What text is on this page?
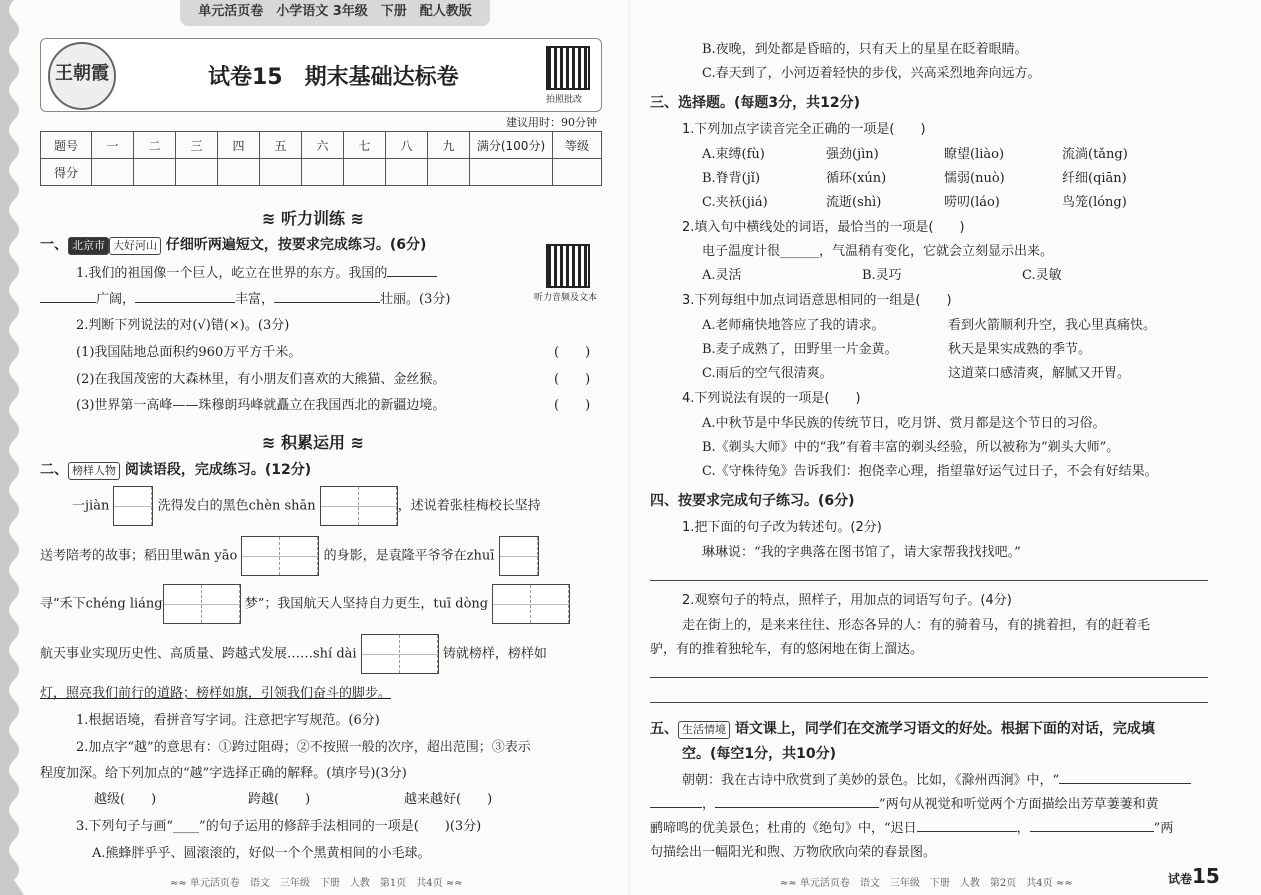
单元活页卷　小学语文 3年级　下册　配人教版
王朝霞	试卷15　期末基础达标卷
拍照批改
建议用时：90分钟
题号	一	二	三	四	五	六	七	八	九	满分(100分)	等级
得分											
≋ 听力训练 ≋
一、 北京市 大好河山 仔细听两遍短文，按要求完成练习。(6分)
听力音频及文本
1.我们的祖国像一个巨人，屹立在世界的东方。我国的
广阔，	丰富，	壮丽。(3分)
2.判断下列说法的对(√)错(×)。(3分)
(1)我国陆地总面积约960万平方千米。	(　　)
(2)在我国茂密的大森林里，有小朋友们喜欢的大熊猫、金丝猴。	(　　)
(3)世界第一高峰——珠穆朗玛峰就矗立在我国西北的新疆边境。	(　　)
≋ 积累运用 ≋
二、 榜样人物 阅读语段，完成练习。(12分)
一jiàn	洗得发白的黑色chèn shān	，述说着张桂梅校长坚持
送考陪考的故事；稻田里wān yāo	的身影，是袁隆平爷爷在zhuī
寻“禾下chéng liáng	梦”；我国航天人坚持自力更生，tuī dòng
航天事业实现历史性、高质量、跨越式发展……shí dài	铸就榜样，榜样如
灯，照亮我们前行的道路；榜样如旗，引领我们奋斗的脚步。
1.根据语境，看拼音写字词。注意把字写规范。(6分)
2.加点字“越”的意思有：①跨过阻碍；②不按照一般的次序，超出范围；③表示
程度加深。给下列加点的“越”字选择正确的解释。(填序号)(3分)
越级(　　)	跨越(　　)	越来越好(　　)
3.下列句子与画“____”的句子运用的修辞手法相同的一项是(　　)(3分)
A.熊蜂胖乎乎、圆滚滚的，好似一个个黑黄相间的小毛球。
≈≈ 单元活页卷　语文　三年级　下册　人教　第1页　共4页 ≈≈
B.夜晚，到处都是昏暗的，只有天上的星星在眨着眼睛。
C.春天到了，小河迈着轻快的步伐，兴高采烈地奔向远方。
三、选择题。(每题3分，共12分)
1.下列加点字读音完全正确的一项是(　　)
A.束缚(fù)	强劲(jìn)	瞭望(liào)	流淌(tǎng)
B.脊背(jǐ)	循环(xún)	懦弱(nuò)	纤细(qiān)
C.夹袄(jiá)	流逝(shì)	唠叨(láo)	鸟笼(lóng)
2.填入句中横线处的词语，最恰当的一项是(　　)
电子温度计很______，气温稍有变化，它就会立刻显示出来。
A.灵活	B.灵巧	C.灵敏
3.下列每组中加点词语意思相同的一组是(　　)
A.老师痛快地答应了我的请求。	看到火箭顺利升空，我心里真痛快。
B.麦子成熟了，田野里一片金黄。	秋天是果实成熟的季节。
C.雨后的空气很清爽。	这道菜口感清爽，解腻又开胃。
4.下列说法有误的一项是(　　)
A.中秋节是中华民族的传统节日，吃月饼、赏月都是这个节日的习俗。
B.《剃头大师》中的“我”有着丰富的剃头经验，所以被称为“剃头大师”。
C.《守株待兔》告诉我们：抱侥幸心理，指望靠好运气过日子，不会有好结果。
四、按要求完成句子练习。(6分)
1.把下面的句子改为转述句。(2分)
琳琳说：“我的字典落在图书馆了，请大家帮我找找吧。”
2.观察句子的特点，照样子，用加点的词语写句子。(4分)
走在街上的，是来来往往、形态各异的人：有的骑着马，有的挑着担，有的赶着毛
驴，有的推着独轮车，有的悠闲地在街上溜达。
五、 生活情境 语文课上，同学们在交流学习语文的好处。根据下面的对话，完成填
空。(每空1分，共10分)
朝朝：我在古诗中欣赏到了美妙的景色。比如，《滁州西涧》中，“
，	”两句从视觉和听觉两个方面描绘出芳草萋萋和黄
鹂啼鸣的优美景色；杜甫的《绝句》中，“迟日	，	”两
句描绘出一幅阳光和煦、万物欣欣向荣的春景图。
≈≈ 单元活页卷　语文　三年级　下册　人教　第2页　共4页 ≈≈	试卷15
